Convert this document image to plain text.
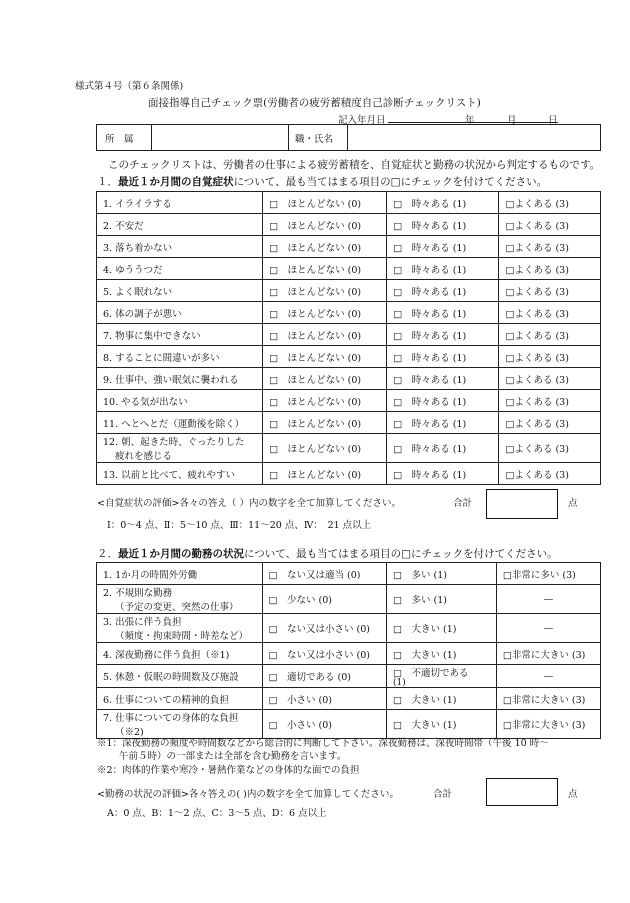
様式第４号（第６条関係)
面接指導自己チェック票(労働者の疲労蓄積度自己診断チェックリスト)
記入年月日	年	月	日
所　属		職・氏名	
このチェックリストは、労働者の仕事による疲労蓄積を、自覚症状と勤務の状況から判定するものです。
１．最近１か月間の自覚症状について、最も当てはまる項目の□にチェックを付けてください。
1. イライラする	□　ほとんどない (0)	□　時々ある (1)	□よくある (3)

2. 不安だ	□　ほとんどない (0)	□　時々ある (1)	□よくある (3)

3. 落ち着かない	□　ほとんどない (0)	□　時々ある (1)	□よくある (3)

4. ゆううつだ	□　ほとんどない (0)	□　時々ある (1)	□よくある (3)

5. よく眠れない	□　ほとんどない (0)	□　時々ある (1)	□よくある (3)

6. 体の調子が悪い	□　ほとんどない (0)	□　時々ある (1)	□よくある (3)

7. 物事に集中できない	□　ほとんどない (0)	□　時々ある (1)	□よくある (3)

8. することに間違いが多い	□　ほとんどない (0)	□　時々ある (1)	□よくある (3)

9. 仕事中、強い眠気に襲われる	□　ほとんどない (0)	□　時々ある (1)	□よくある (3)

10. やる気が出ない	□　ほとんどない (0)	□　時々ある (1)	□よくある (3)

11. へとへとだ（運動後を除く）	□　ほとんどない (0)	□　時々ある (1)	□よくある (3)

12. 朝、起きた時、ぐったりした
疲れを感じる	□　ほとんどない (0)	□　時々ある (1)	□よくある (3)

13. 以前と比べて、疲れやすい	□　ほとんどない (0)	□　時々ある (1)	□よくある (3)
<自覚症状の評価>各々の答え（ ）内の数字を全て加算してください。	合計	点
Ⅰ：0〜4 点、Ⅱ：5〜10 点、Ⅲ：11〜20 点、Ⅳ：　21 点以上
２．最近１か月間の勤務の状況について、最も当てはまる項目の□にチェックを付けてください。
1. 1か月の時間外労働	□　ない又は適当 (0)	□　多い (1)	□非常に多い (3)

2. 不規則な勤務
（予定の変更、突然の仕事）	□　少ない (0)	□　多い (1)	—

3. 出張に伴う負担
（頻度・拘束時間・時差など）	□　ない又は小さい (0)	□　大きい (1)	—

4. 深夜勤務に伴う負担（※1)	□　ない又は小さい (0)	□　大きい (1)	□非常に大きい (3)

5. 休憩・仮眠の時間数及び施設	□　適切である (0)	□　不適切である
(1)	—

6. 仕事についての精神的負担	□　小さい (0)	□　大きい (1)	□非常に大きい (3)

7. 仕事についての身体的な負担
（※2)	□　小さい (0)	□　大きい (1)	□非常に大きい (3)
※1：深夜勤務の頻度や時間数などから総合的に判断して下さい。深夜勤務は、深夜時間帯（午後 10 時〜
午前５時）の一部または全部を含む勤務を言います。
※2：肉体的作業や寒冷・暑熱作業などの身体的な面での負担
<勤務の状況の評価>各々答えの( )内の数字を全て加算してください。	合計	点
A：0 点、B：1〜2 点、C：3〜5 点、D：6 点以上
